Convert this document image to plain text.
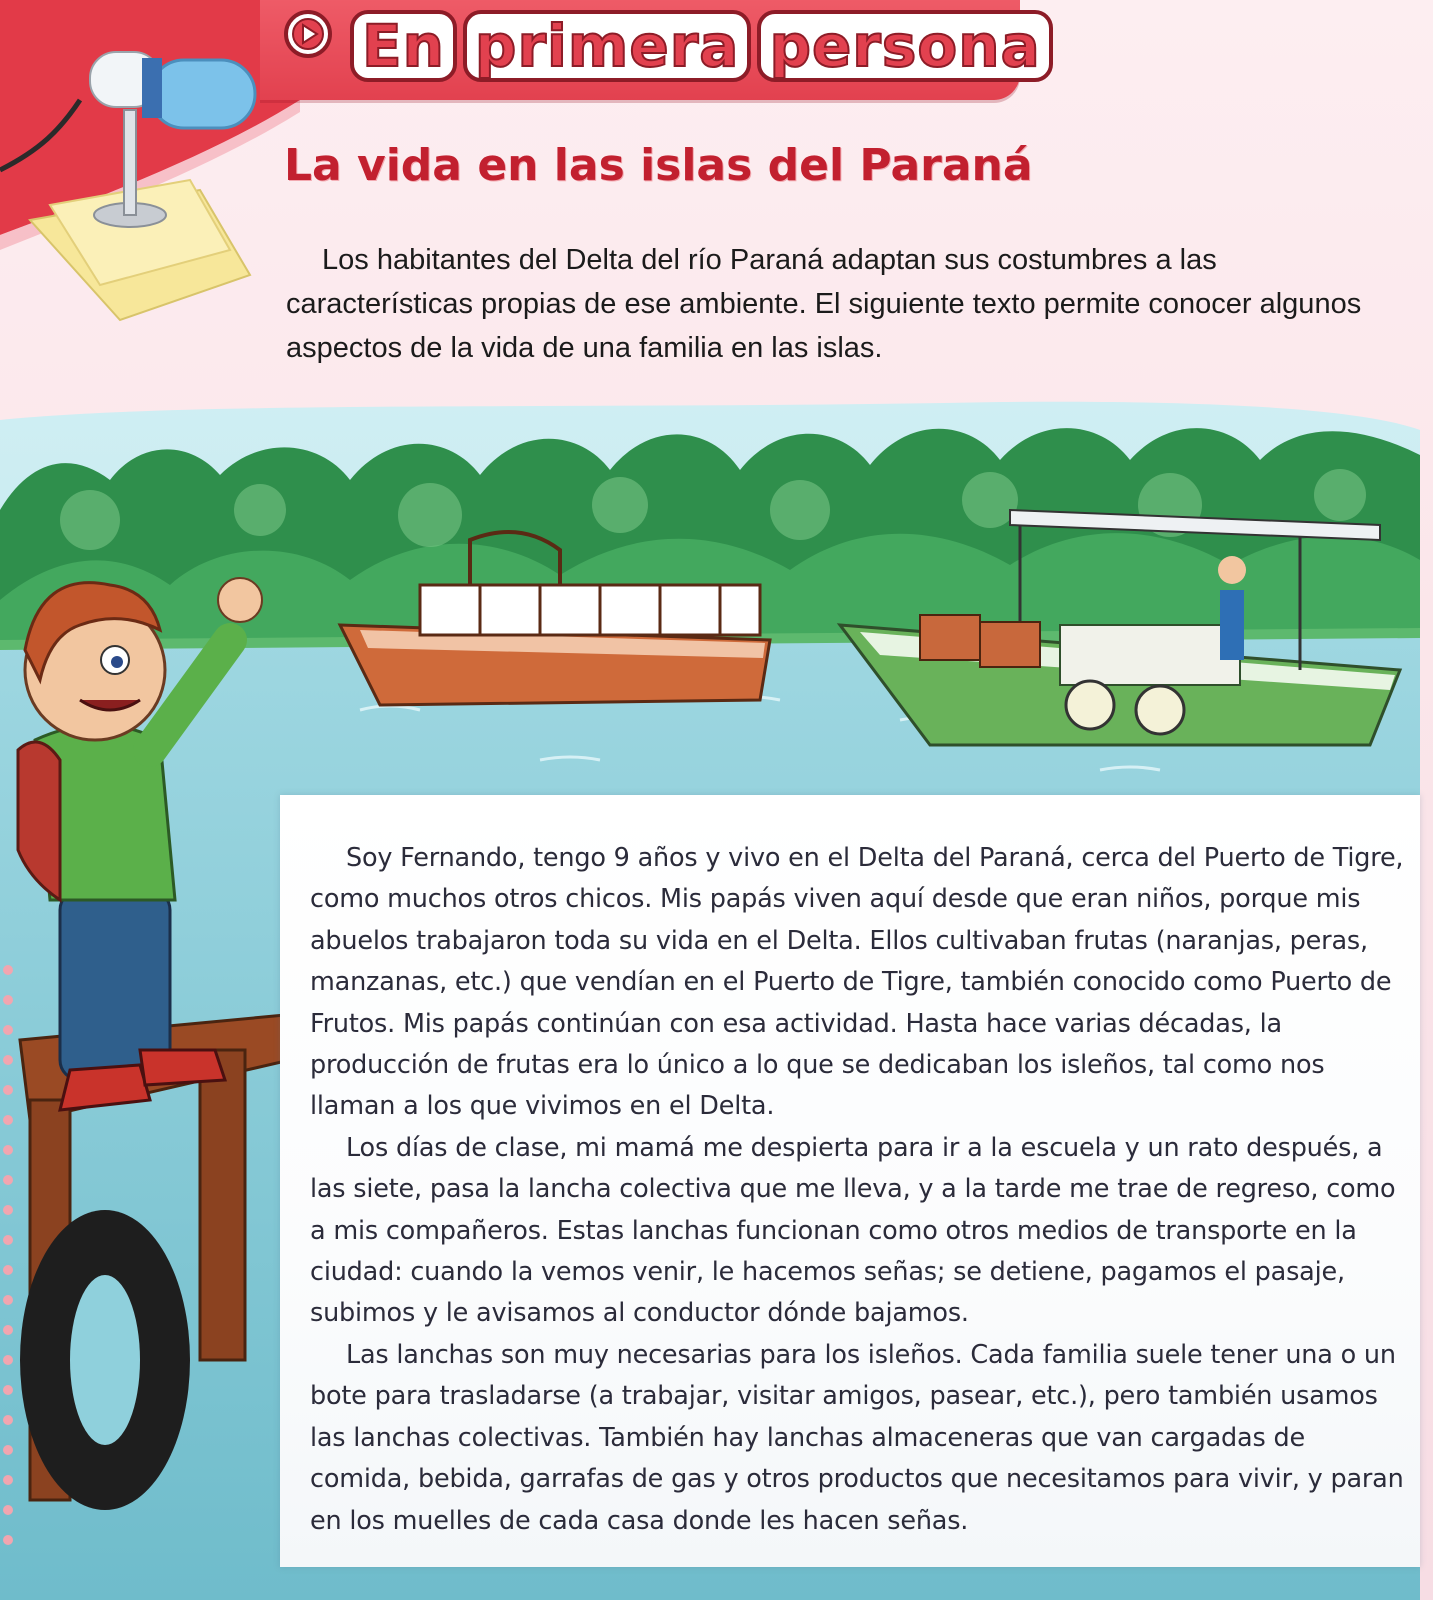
En primera persona
La vida en las islas del Paraná

Los habitantes del Delta del río Paraná adaptan sus costumbres a las características propias de ese ambiente. El siguiente texto permite conocer algunos aspectos de la vida de una familia en las islas.

Soy Fernando, tengo 9 años y vivo en el Delta del Paraná, cerca del Puerto de Tigre, como muchos otros chicos. Mis papás viven aquí desde que eran niños, porque mis abuelos trabajaron toda su vida en el Delta. Ellos cultivaban frutas (naranjas, peras, manzanas, etc.) que vendían en el Puerto de Tigre, también conocido como Puerto de Frutos. Mis papás continúan con esa actividad. Hasta hace varias décadas, la producción de frutas era lo único a lo que se dedicaban los isleños, tal como nos llaman a los que vivimos en el Delta.

Los días de clase, mi mamá me despierta para ir a la escuela y un rato después, a las siete, pasa la lancha colectiva que me lleva, y a la tarde me trae de regreso, como a mis compañeros. Estas lanchas funcionan como otros medios de transporte en la ciudad: cuando la vemos venir, le hacemos señas; se detiene, pagamos el pasaje, subimos y le avisamos al conductor dónde bajamos.

Las lanchas son muy necesarias para los isleños. Cada familia suele tener una o un bote para trasladarse (a trabajar, visitar amigos, pasear, etc.), pero también usamos las lanchas colectivas. También hay lanchas almaceneras que van cargadas de comida, bebida, garrafas de gas y otros productos que necesitamos para vivir, y paran en los muelles de cada casa donde les hacen señas.
